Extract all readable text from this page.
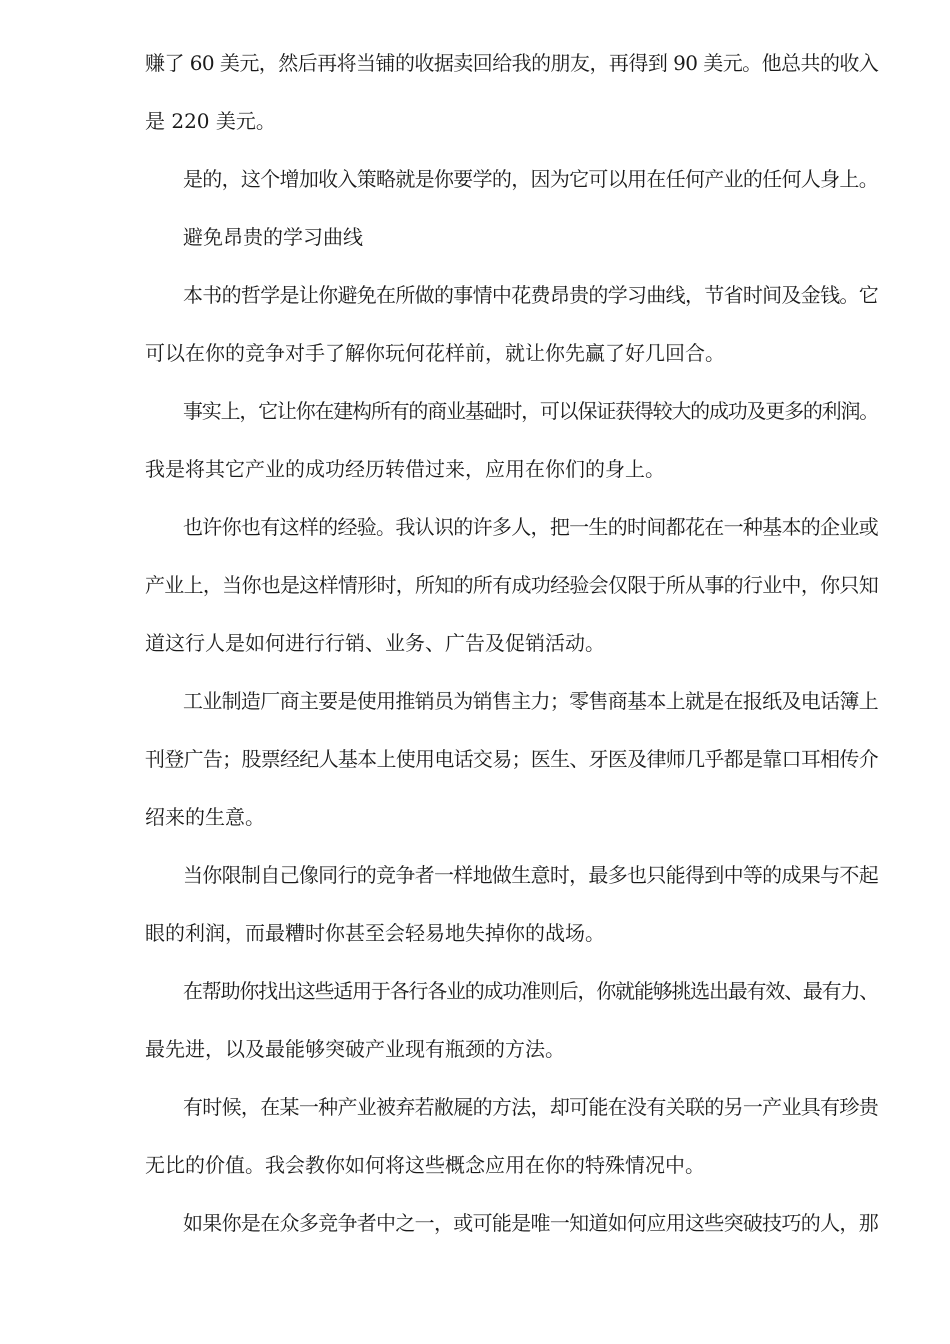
赚了 60 美元，然后再将当铺的收据卖回给我的朋友，再得到 90 美元。他总共的收入
是 220 美元。
是的，这个增加收入策略就是你要学的，因为它可以用在任何产业的任何人身上。
避免昂贵的学习曲线
本书的哲学是让你避免在所做的事情中花费昂贵的学习曲线，节省时间及金钱。它
可以在你的竞争对手了解你玩何花样前，就让你先赢了好几回合。
事实上，它让你在建构所有的商业基础时，可以保证获得较大的成功及更多的利润。
我是将其它产业的成功经历转借过来，应用在你们的身上。
也许你也有这样的经验。我认识的许多人，把一生的时间都花在一种基本的企业或
产业上，当你也是这样情形时，所知的所有成功经验会仅限于所从事的行业中，你只知
道这行人是如何进行行销、业务、广告及促销活动。
工业制造厂商主要是使用推销员为销售主力；零售商基本上就是在报纸及电话簿上
刊登广告；股票经纪人基本上使用电话交易；医生、牙医及律师几乎都是靠口耳相传介
绍来的生意。
当你限制自己像同行的竞争者一样地做生意时，最多也只能得到中等的成果与不起
眼的利润，而最糟时你甚至会轻易地失掉你的战场。
在帮助你找出这些适用于各行各业的成功准则后，你就能够挑选出最有效、最有力、
最先进，以及最能够突破产业现有瓶颈的方法。
有时候，在某一种产业被弃若敝屣的方法，却可能在没有关联的另一产业具有珍贵
无比的价值。我会教你如何将这些概念应用在你的特殊情况中。
如果你是在众多竞争者中之一，或可能是唯一知道如何应用这些突破技巧的人，那
